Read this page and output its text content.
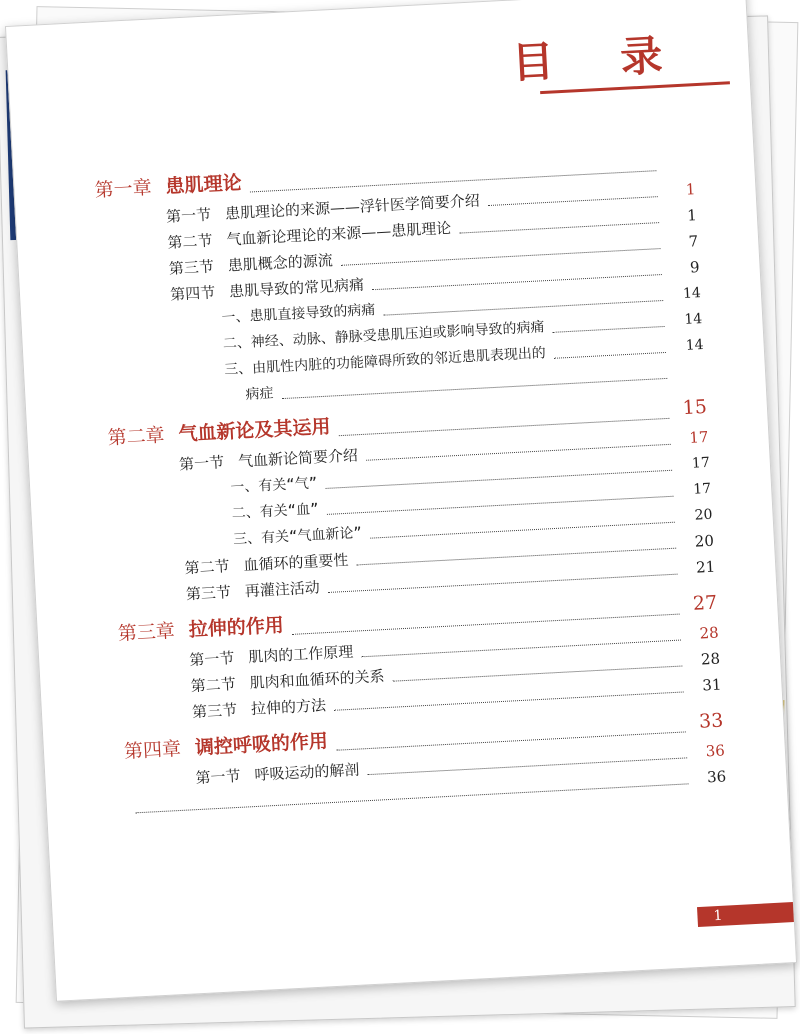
目 录
第一章 患肌理论
第一节 患肌理论的来源——浮针医学简要介绍
1
第二节 气血新论理论的来源——患肌理论
1
第三节 患肌概念的源流
7
第四节 患肌导致的常见病痛
9
一、患肌直接导致的病痛
14
二、神经、动脉、静脉受患肌压迫或影响导致的病痛	14
三、由肌性内脏的功能障碍所致的邻近患肌表现出的	14
病症
第二章 气血新论及其运用
15
第一节 气血新论简要介绍
17
一、有关“气”
17
二、有关“血”
17
三、有关“气血新论”
20
第二节 血循环的重要性
20
第三节 再灌注活动
21
第三章 拉伸的作用
27
第一节 肌肉的工作原理
28
第二节 肌肉和血循环的关系
28
第三节 拉伸的方法
31
第四章 调控呼吸的作用
33
第一节 呼吸运动的解剖
36
36
1
